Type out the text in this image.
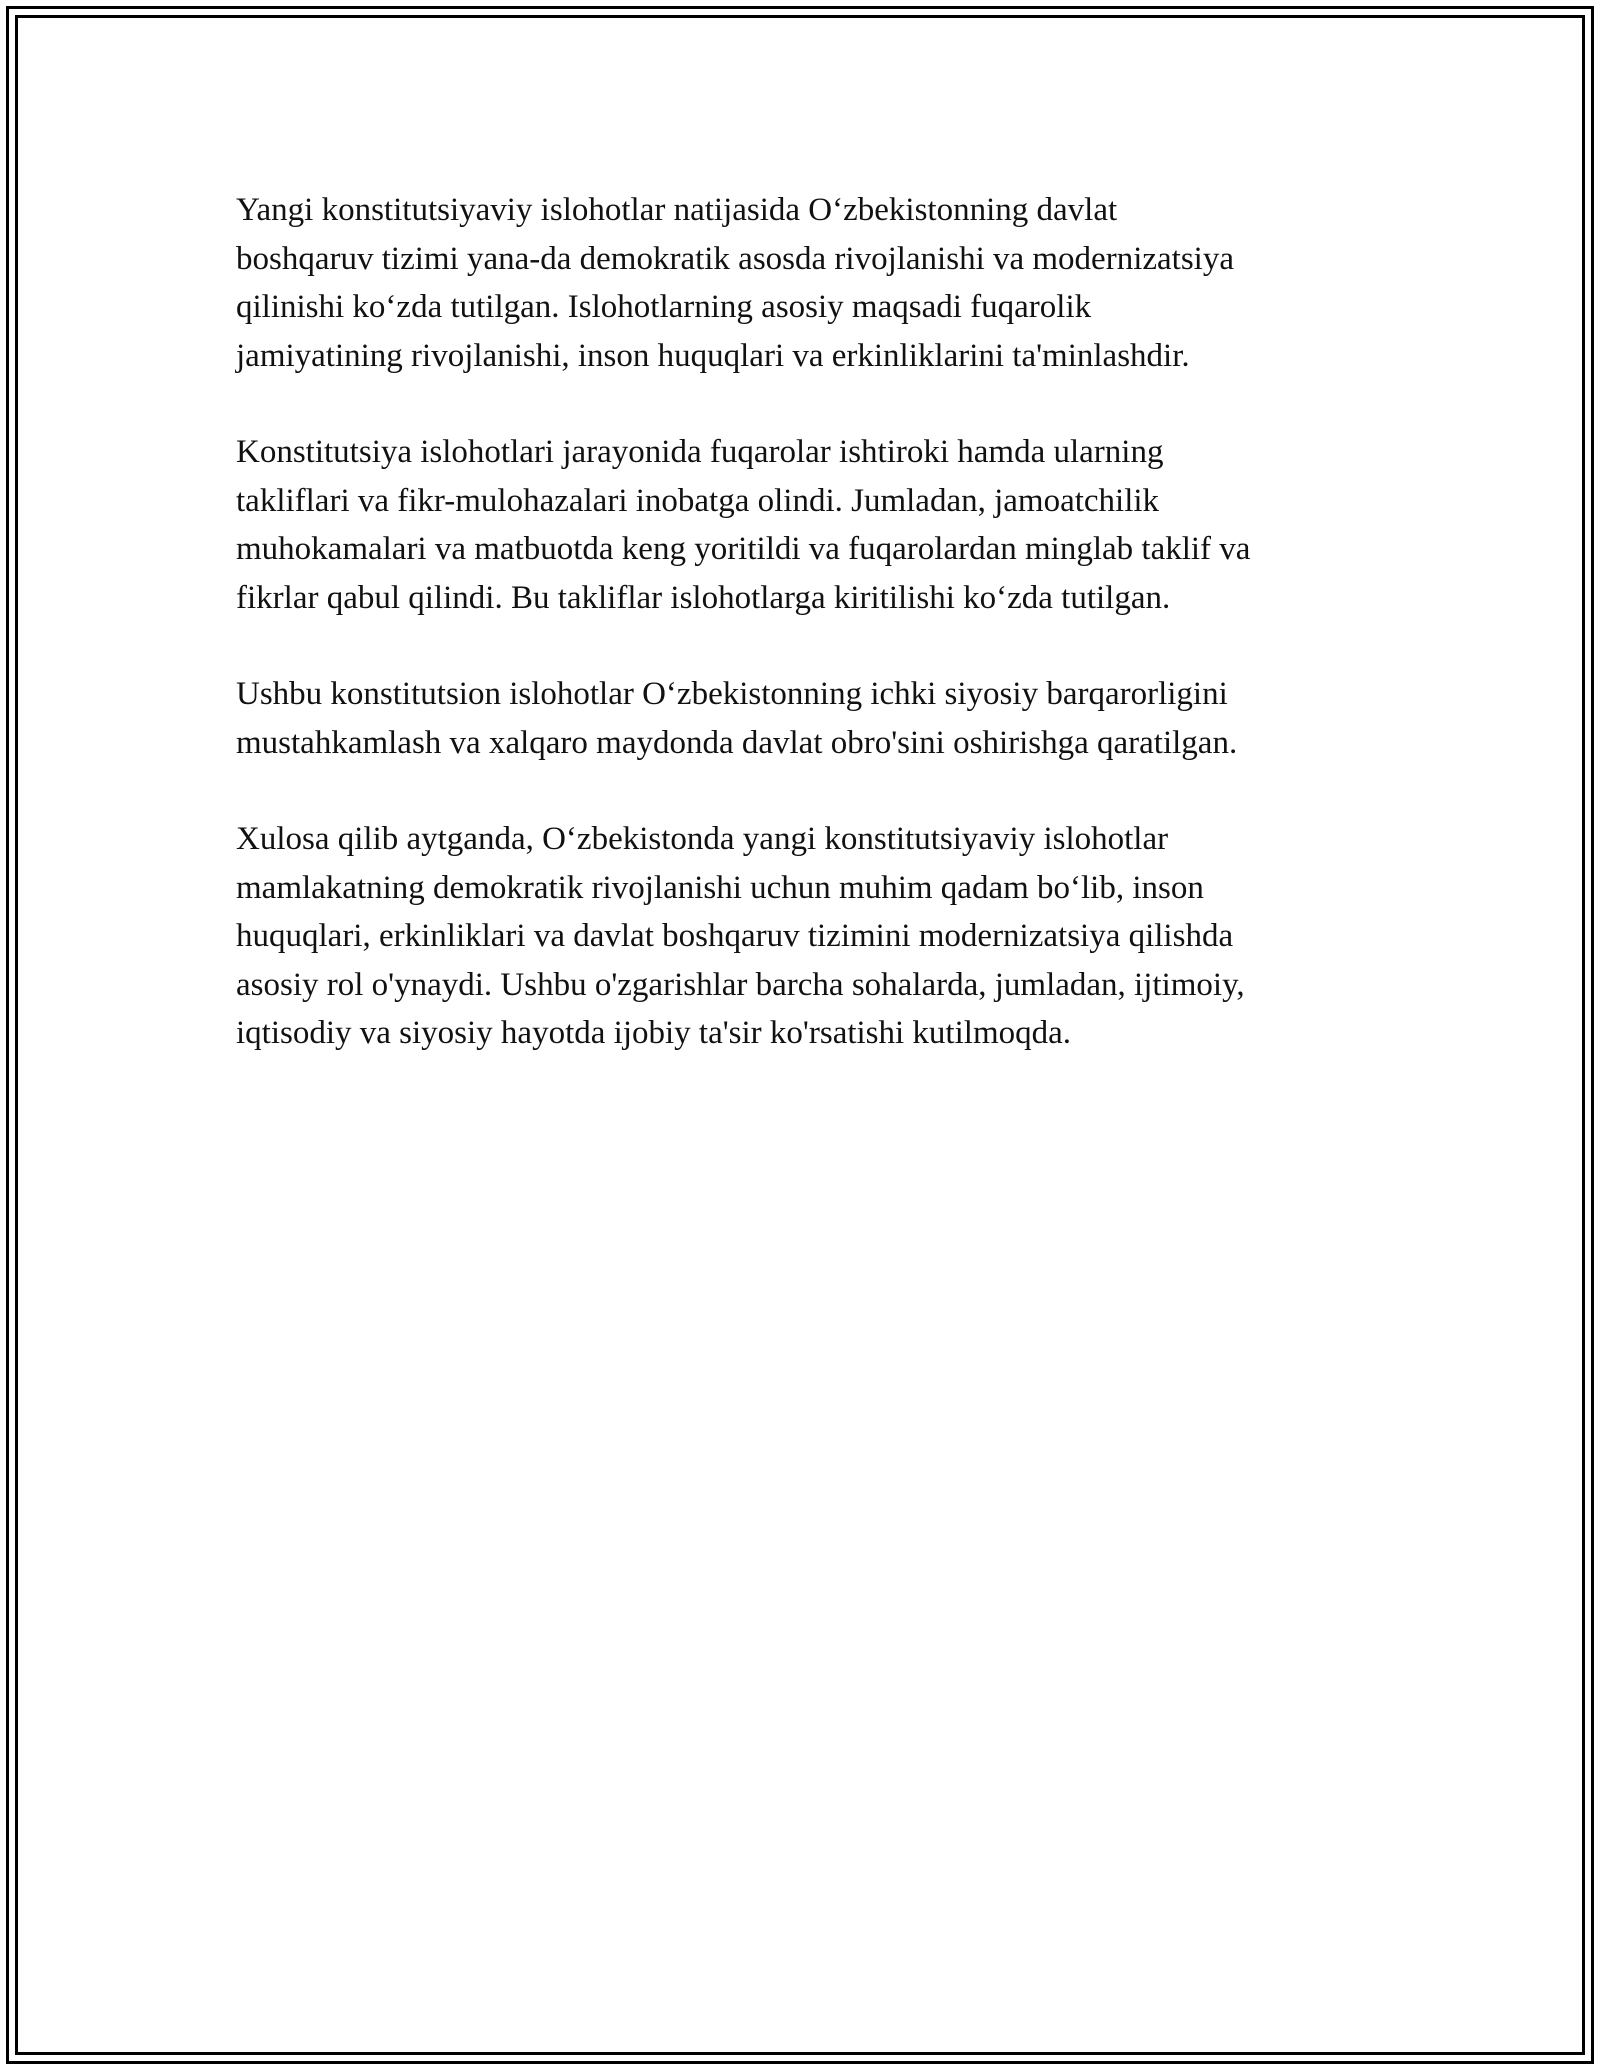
Yangi konstitutsiyaviy islohotlar natijasida O‘zbekistonning davlat
boshqaruv tizimi yana-da demokratik asosda rivojlanishi va modernizatsiya
qilinishi ko‘zda tutilgan. Islohotlarning asosiy maqsadi fuqarolik
jamiyatining rivojlanishi, inson huquqlari va erkinliklarini ta'minlashdir.

Konstitutsiya islohotlari jarayonida fuqarolar ishtiroki hamda ularning
takliflari va fikr-mulohazalari inobatga olindi. Jumladan, jamoatchilik
muhokamalari va matbuotda keng yoritildi va fuqarolardan minglab taklif va
fikrlar qabul qilindi. Bu takliflar islohotlarga kiritilishi ko‘zda tutilgan.

Ushbu konstitutsion islohotlar O‘zbekistonning ichki siyosiy barqarorligini
mustahkamlash va xalqaro maydonda davlat obro'sini oshirishga qaratilgan.

Xulosa qilib aytganda, O‘zbekistonda yangi konstitutsiyaviy islohotlar
mamlakatning demokratik rivojlanishi uchun muhim qadam bo‘lib, inson
huquqlari, erkinliklari va davlat boshqaruv tizimini modernizatsiya qilishda
asosiy rol o'ynaydi. Ushbu o'zgarishlar barcha sohalarda, jumladan, ijtimoiy,
iqtisodiy va siyosiy hayotda ijobiy ta'sir ko'rsatishi kutilmoqda.
